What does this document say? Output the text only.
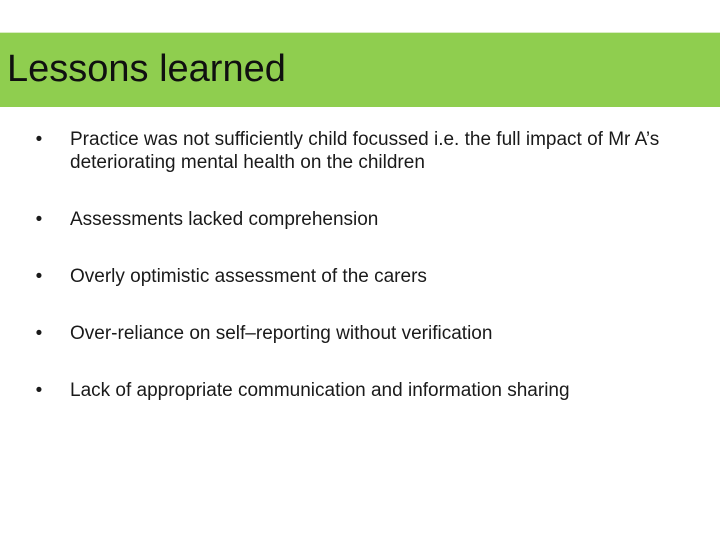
Lessons learned
• Practice was not sufficiently child focussed i.e. the full impact of Mr A’s deteriorating mental health on the children
• Assessments lacked comprehension
• Overly optimistic assessment of the carers
• Over-reliance on self–reporting without verification
• Lack of appropriate communication and information sharing
